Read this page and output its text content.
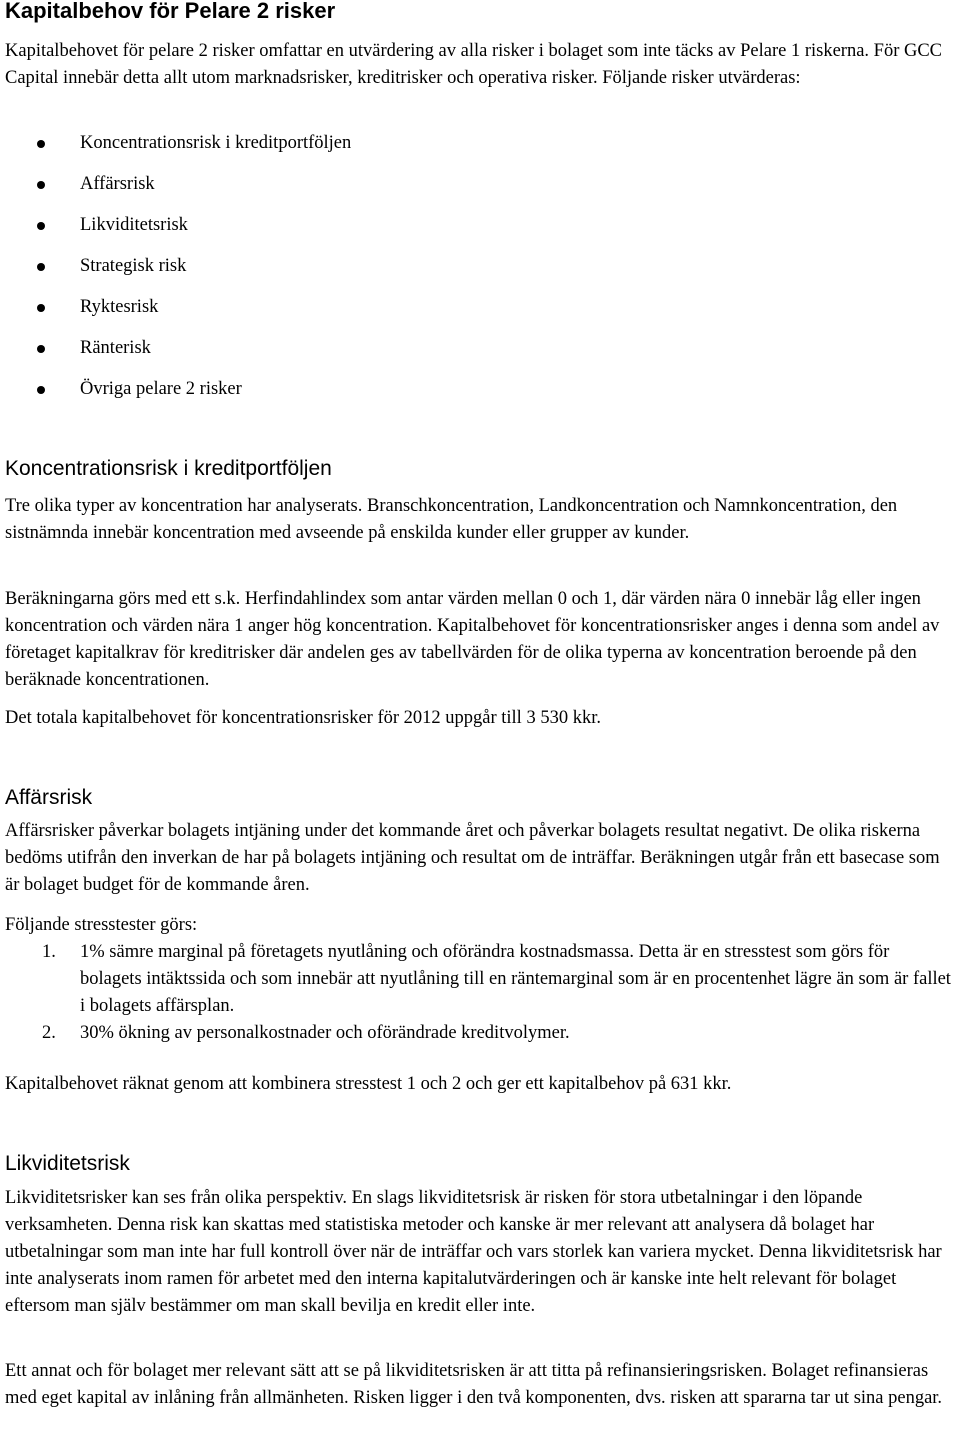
Kapitalbehov för Pelare 2 risker

Kapitalbehovet för pelare 2 risker omfattar en utvärdering av alla risker i bolaget som inte täcks av Pelare 1 riskerna. För GCC Capital innebär detta allt utom marknadsrisker, kreditrisker och operativa risker. Följande risker utvärderas:

Koncentrationsrisk i kreditportföljen
Affärsrisk
Likviditetsrisk
Strategisk risk
Ryktesrisk
Ränterisk
Övriga pelare 2 risker
Koncentrationsrisk i kreditportföljen

Tre olika typer av koncentration har analyserats. Branschkoncentration, Landkoncentration och Namnkoncentration, den sistnämnda innebär koncentration med avseende på enskilda kunder eller grupper av kunder.

Beräkningarna görs med ett s.k. Herfindahlindex som antar värden mellan 0 och 1, där värden nära 0 innebär låg eller ingen koncentration och värden nära 1 anger hög koncentration. Kapitalbehovet för koncentrationsrisker anges i denna som andel av företaget kapitalkrav för kreditrisker där andelen ges av tabellvärden för de olika typerna av koncentration beroende på den beräknade koncentrationen.

Det totala kapitalbehovet för koncentrationsrisker för 2012 uppgår till 3 530 kkr.

Affärsrisk

Affärsrisker påverkar bolagets intjäning under det kommande året och påverkar bolagets resultat negativt. De olika riskerna bedöms utifrån den inverkan de har på bolagets intjäning och resultat om de inträffar. Beräkningen utgår från ett basecase som är bolaget budget för de kommande åren.

Följande stresstester görs:

1. 1% sämre marginal på företagets nyutlåning och oförändra kostnadsmassa. Detta är en stresstest som görs för bolagets intäktssida och som innebär att nyutlåning till en räntemarginal som är en procentenhet lägre än som är fallet i bolagets affärsplan.
2. 30% ökning av personalkostnader och oförändrade kreditvolymer.

Kapitalbehovet räknat genom att kombinera stresstest 1 och 2 och ger ett kapitalbehov på 631 kkr.

Likviditetsrisk

Likviditetsrisker kan ses från olika perspektiv. En slags likviditetsrisk är risken för stora utbetalningar i den löpande verksamheten. Denna risk kan skattas med statistiska metoder och kanske är mer relevant att analysera då bolaget har utbetalningar som man inte har full kontroll över när de inträffar och vars storlek kan variera mycket. Denna likviditetsrisk har inte analyserats inom ramen för arbetet med den interna kapitalutvärderingen och är kanske inte helt relevant för bolaget eftersom man själv bestämmer om man skall bevilja en kredit eller inte.

Ett annat och för bolaget mer relevant sätt att se på likviditetsrisken är att titta på refinansieringsrisken. Bolaget refinansieras med eget kapital av inlåning från allmänheten. Risken ligger i den två komponenten, dvs. risken att spararna tar ut sina pengar.
